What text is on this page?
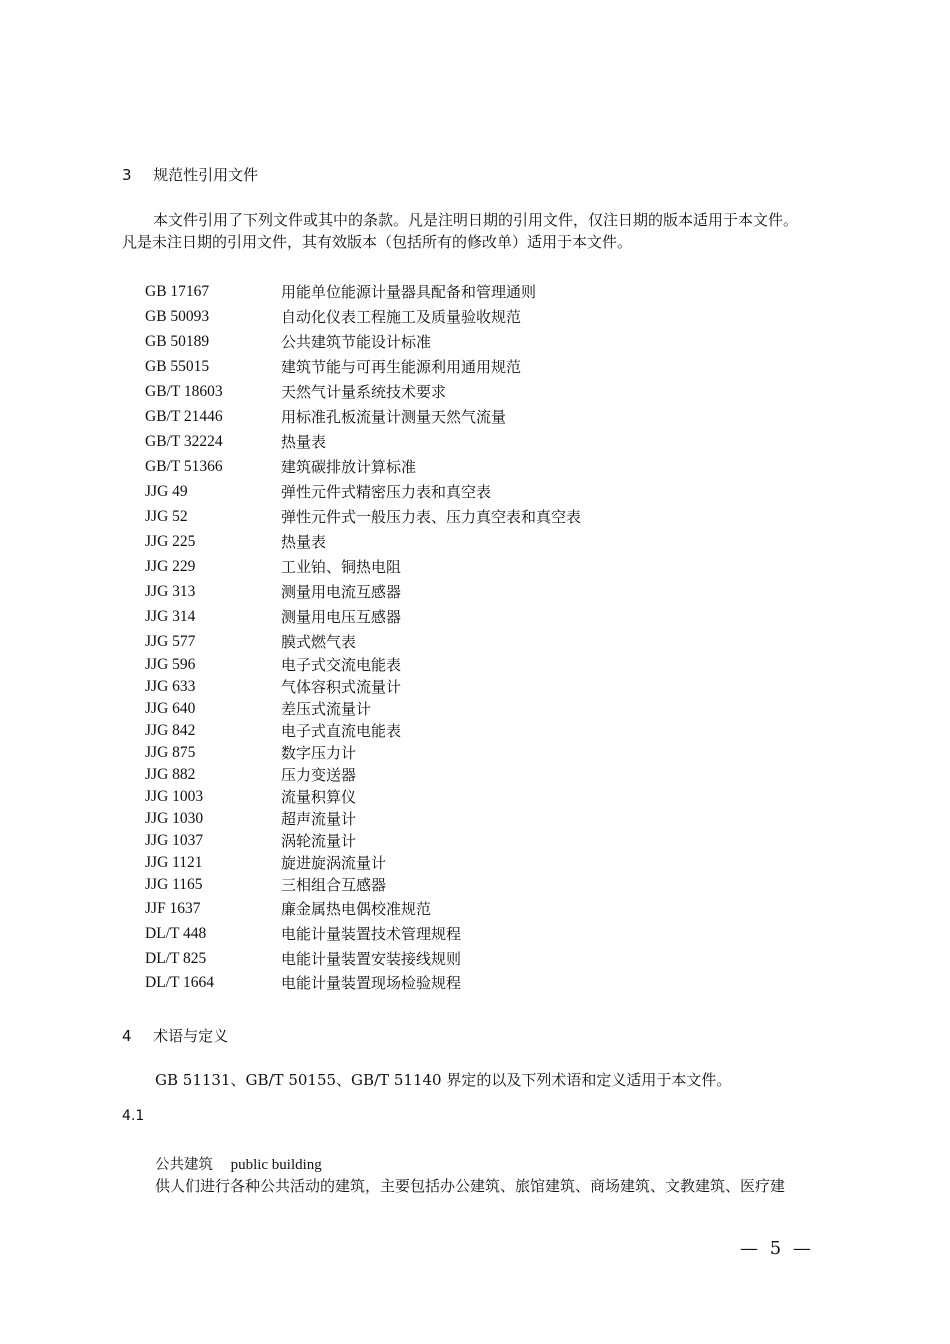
3 规范性引用文件
本文件引用了下列文件或其中的条款。凡是注明日期的引用文件，仅注日期的版本适用于本文件。
凡是未注日期的引用文件，其有效版本（包括所有的修改单）适用于本文件。
GB 17167	用能单位能源计量器具配备和管理通则
GB 50093	自动化仪表工程施工及质量验收规范
GB 50189	公共建筑节能设计标准
GB 55015	建筑节能与可再生能源利用通用规范
GB/T 18603	天然气计量系统技术要求
GB/T 21446	用标准孔板流量计测量天然气流量
GB/T 32224	热量表
GB/T 51366	建筑碳排放计算标准
JJG 49	弹性元件式精密压力表和真空表
JJG 52	弹性元件式一般压力表、压力真空表和真空表
JJG 225	热量表
JJG 229	工业铂、铜热电阻
JJG 313	测量用电流互感器
JJG 314	测量用电压互感器
JJG 577	膜式燃气表
JJG 596	电子式交流电能表
JJG 633	气体容积式流量计
JJG 640	差压式流量计
JJG 842	电子式直流电能表
JJG 875	数字压力计
JJG 882	压力变送器
JJG 1003	流量积算仪
JJG 1030	超声流量计
JJG 1037	涡轮流量计
JJG 1121	旋进旋涡流量计
JJG 1165	三相组合互感器
JJF 1637	廉金属热电偶校准规范
DL/T 448	电能计量装置技术管理规程
DL/T 825	电能计量装置安装接线规则
DL/T 1664	电能计量装置现场检验规程
4 术语与定义
GB 51131、GB/T 50155、GB/T 51140 界定的以及下列术语和定义适用于本文件。
4.1
公共建筑 public building
供人们进行各种公共活动的建筑，主要包括办公建筑、旅馆建筑、商场建筑、文教建筑、医疗建
— 5 —
